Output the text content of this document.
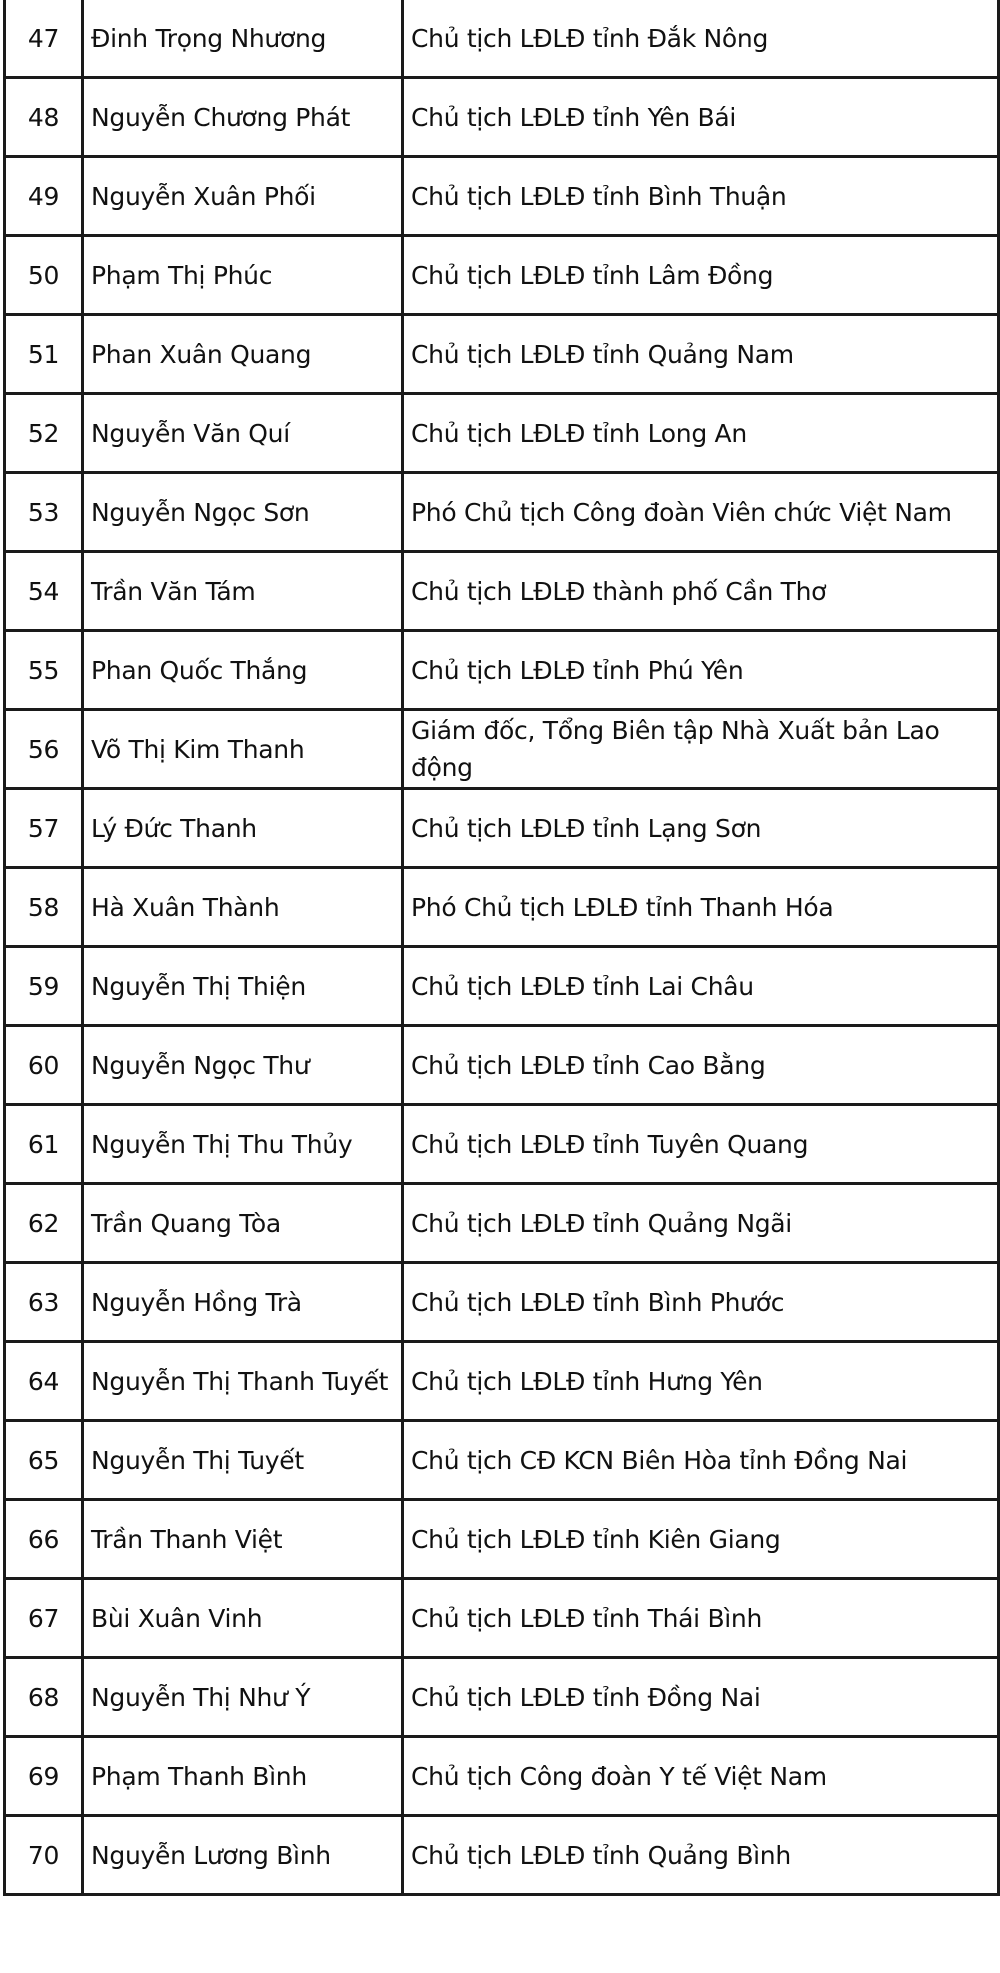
47	Đinh Trọng Nhương	Chủ tịch LĐLĐ tỉnh Đắk Nông
48	Nguyễn Chương Phát	Chủ tịch LĐLĐ tỉnh Yên Bái
49	Nguyễn Xuân Phối	Chủ tịch LĐLĐ tỉnh Bình Thuận
50	Phạm Thị Phúc	Chủ tịch LĐLĐ tỉnh Lâm Đồng
51	Phan Xuân Quang	Chủ tịch LĐLĐ tỉnh Quảng Nam
52	Nguyễn Văn Quí	Chủ tịch LĐLĐ tỉnh Long An
53	Nguyễn Ngọc Sơn	Phó Chủ tịch Công đoàn Viên chức Việt Nam
54	Trần Văn Tám	Chủ tịch LĐLĐ thành phố Cần Thơ
55	Phan Quốc Thắng	Chủ tịch LĐLĐ tỉnh Phú Yên
56	Võ Thị Kim Thanh	Giám đốc, Tổng Biên tập Nhà Xuất bản Lao động
57	Lý Đức Thanh	Chủ tịch LĐLĐ tỉnh Lạng Sơn
58	Hà Xuân Thành	Phó Chủ tịch LĐLĐ tỉnh Thanh Hóa
59	Nguyễn Thị Thiện	Chủ tịch LĐLĐ tỉnh Lai Châu
60	Nguyễn Ngọc Thư	Chủ tịch LĐLĐ tỉnh Cao Bằng
61	Nguyễn Thị Thu Thủy	Chủ tịch LĐLĐ tỉnh Tuyên Quang
62	Trần Quang Tòa	Chủ tịch LĐLĐ tỉnh Quảng Ngãi
63	Nguyễn Hồng Trà	Chủ tịch LĐLĐ tỉnh Bình Phước
64	Nguyễn Thị Thanh Tuyết	Chủ tịch LĐLĐ tỉnh Hưng Yên
65	Nguyễn Thị Tuyết	Chủ tịch CĐ KCN Biên Hòa tỉnh Đồng Nai
66	Trần Thanh Việt	Chủ tịch LĐLĐ tỉnh Kiên Giang
67	Bùi Xuân Vinh	Chủ tịch LĐLĐ tỉnh Thái Bình
68	Nguyễn Thị Như Ý	Chủ tịch LĐLĐ tỉnh Đồng Nai
69	Phạm Thanh Bình	Chủ tịch Công đoàn Y tế Việt Nam
70	Nguyễn Lương Bình	Chủ tịch LĐLĐ tỉnh Quảng Bình
